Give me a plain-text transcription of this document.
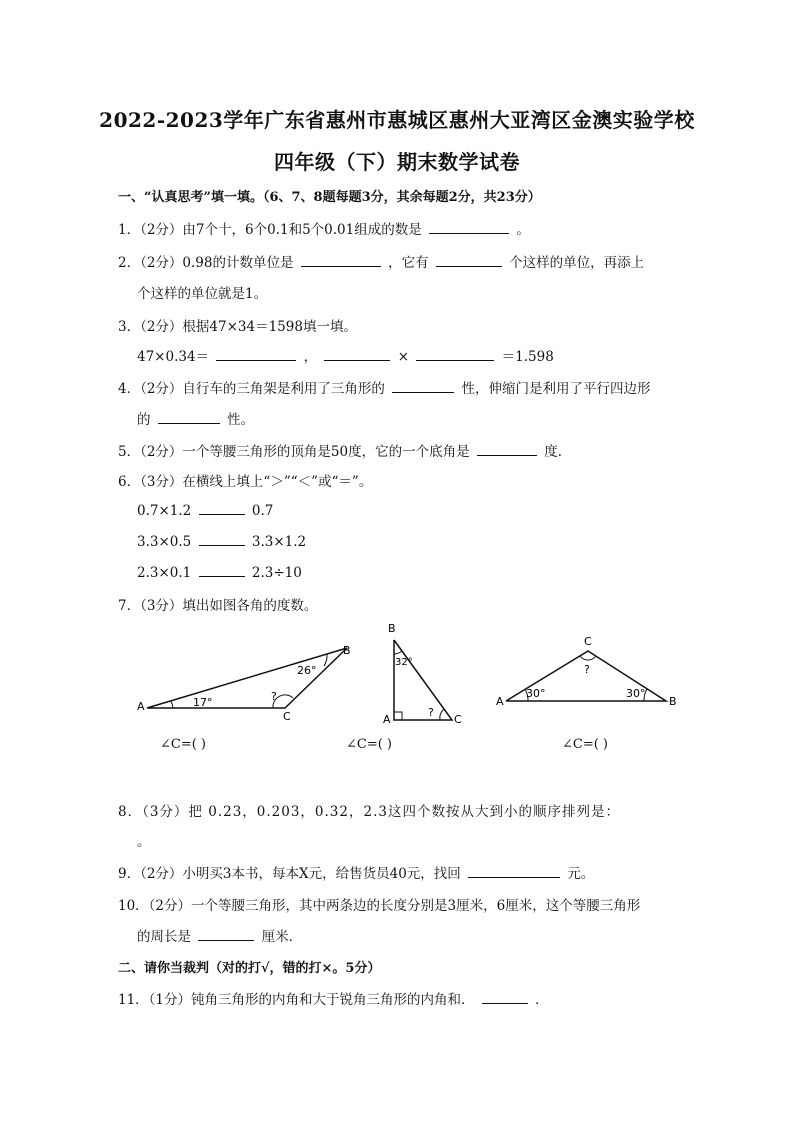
2022-2023学年广东省惠州市惠城区惠州大亚湾区金澳实验学校
四年级（下）期末数学试卷
一、“认真思考”填一填。（6、7、8题每题3分，其余每题2分，共23分）
1．（2分）由7个十，6个0.1和5个0.01组成的数是	。
2．（2分）0.98的计数单位是	，它有	个这样的单位，再添上
个这样的单位就是1。
3．（2分）根据47×34＝1598填一填。
47×0.34＝	，	×	＝1.598
4．（2分）自行车的三角架是利用了三角形的	性，伸缩门是利用了平行四边形
的	性。
5．（2分）一个等腰三角形的顶角是50度，它的一个底角是	度．
6．（3分）在横线上填上“＞”“＜”或“＝”。
0.7×1.2	0.7
3.3×0.5	3.3×1.2
2.3×0.1	2.3÷10
7．（3分）填出如图各角的度数。
A
B
C
17°
26°
?
B
A	C
32°
?
A	B
C
30°	30°
?
∠C=( )	∠C=( )	∠C=( )
8．（3分）把 0.23，0.203，0.32，2.3这四个数按从大到小的顺序排列是：
。
9．（2分）小明买3本书，每本X元，给售货员40元，找回	元。
10．（2分）一个等腰三角形，其中两条边的长度分别是3厘米，6厘米，这个等腰三角形
的周长是	厘米．
二、请你当裁判（对的打√，错的打×。5分）
11．（1分）钝角三角形的内角和大于锐角三角形的内角和．	．
